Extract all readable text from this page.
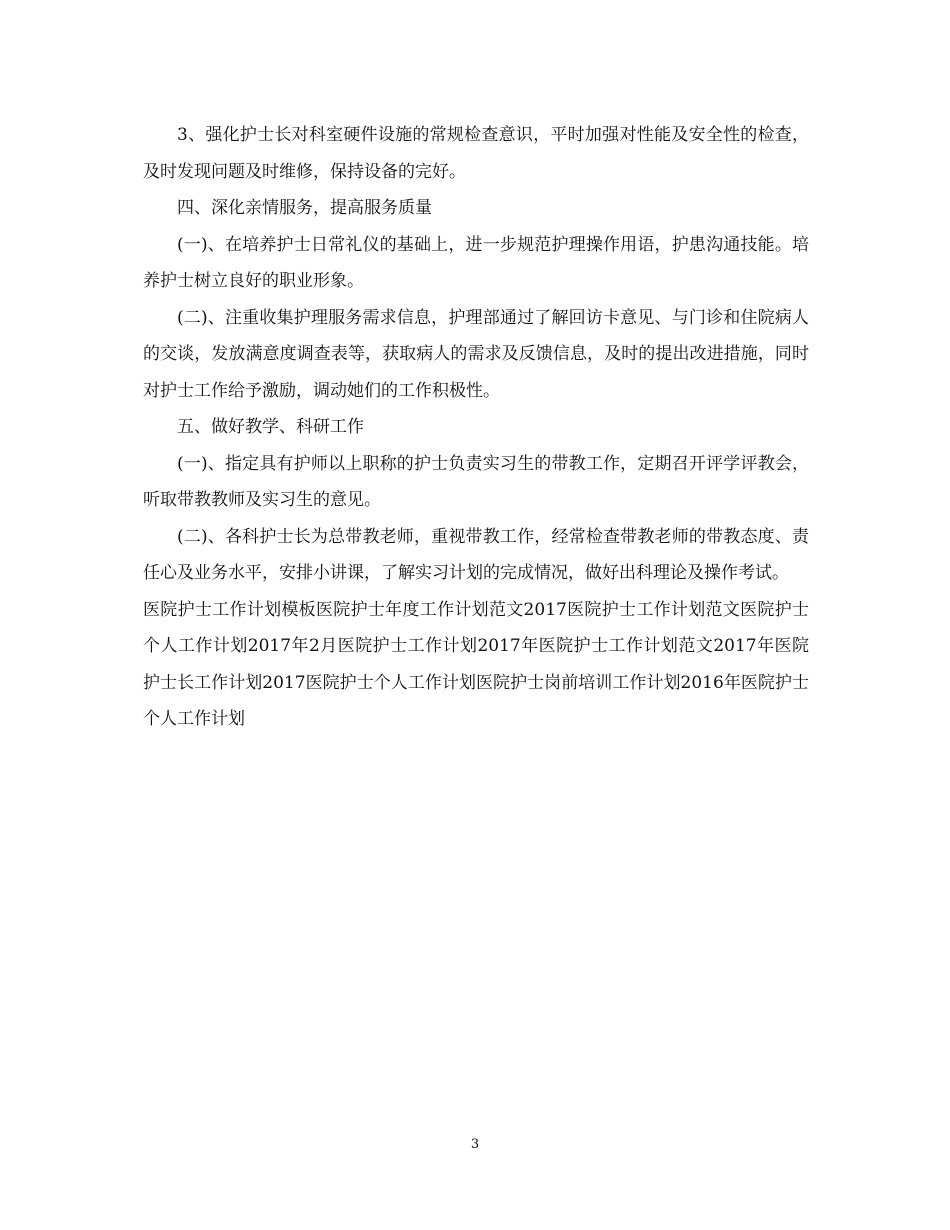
3、强化护士长对科室硬件设施的常规检查意识，平时加强对性能及安全性的检查，及时发现问题及时维修，保持设备的完好。

四、深化亲情服务，提高服务质量

(一)、在培养护士日常礼仪的基础上，进一步规范护理操作用语，护患沟通技能。培养护士树立良好的职业形象。

(二)、注重收集护理服务需求信息，护理部通过了解回访卡意见、与门诊和住院病人的交谈，发放满意度调查表等，获取病人的需求及反馈信息，及时的提出改进措施，同时对护士工作给予激励，调动她们的工作积极性。

五、做好教学、科研工作

(一)、指定具有护师以上职称的护士负责实习生的带教工作，定期召开评学评教会，听取带教教师及实习生的意见。

(二)、各科护士长为总带教老师，重视带教工作，经常检查带教老师的带教态度、责任心及业务水平，安排小讲课，了解实习计划的完成情况，做好出科理论及操作考试。

医院护士工作计划模板医院护士年度工作计划范文2017医院护士工作计划范文医院护士个人工作计划2017年2月医院护士工作计划2017年医院护士工作计划范文2017年医院护士长工作计划2017医院护士个人工作计划医院护士岗前培训工作计划2016年医院护士个人工作计划

3
